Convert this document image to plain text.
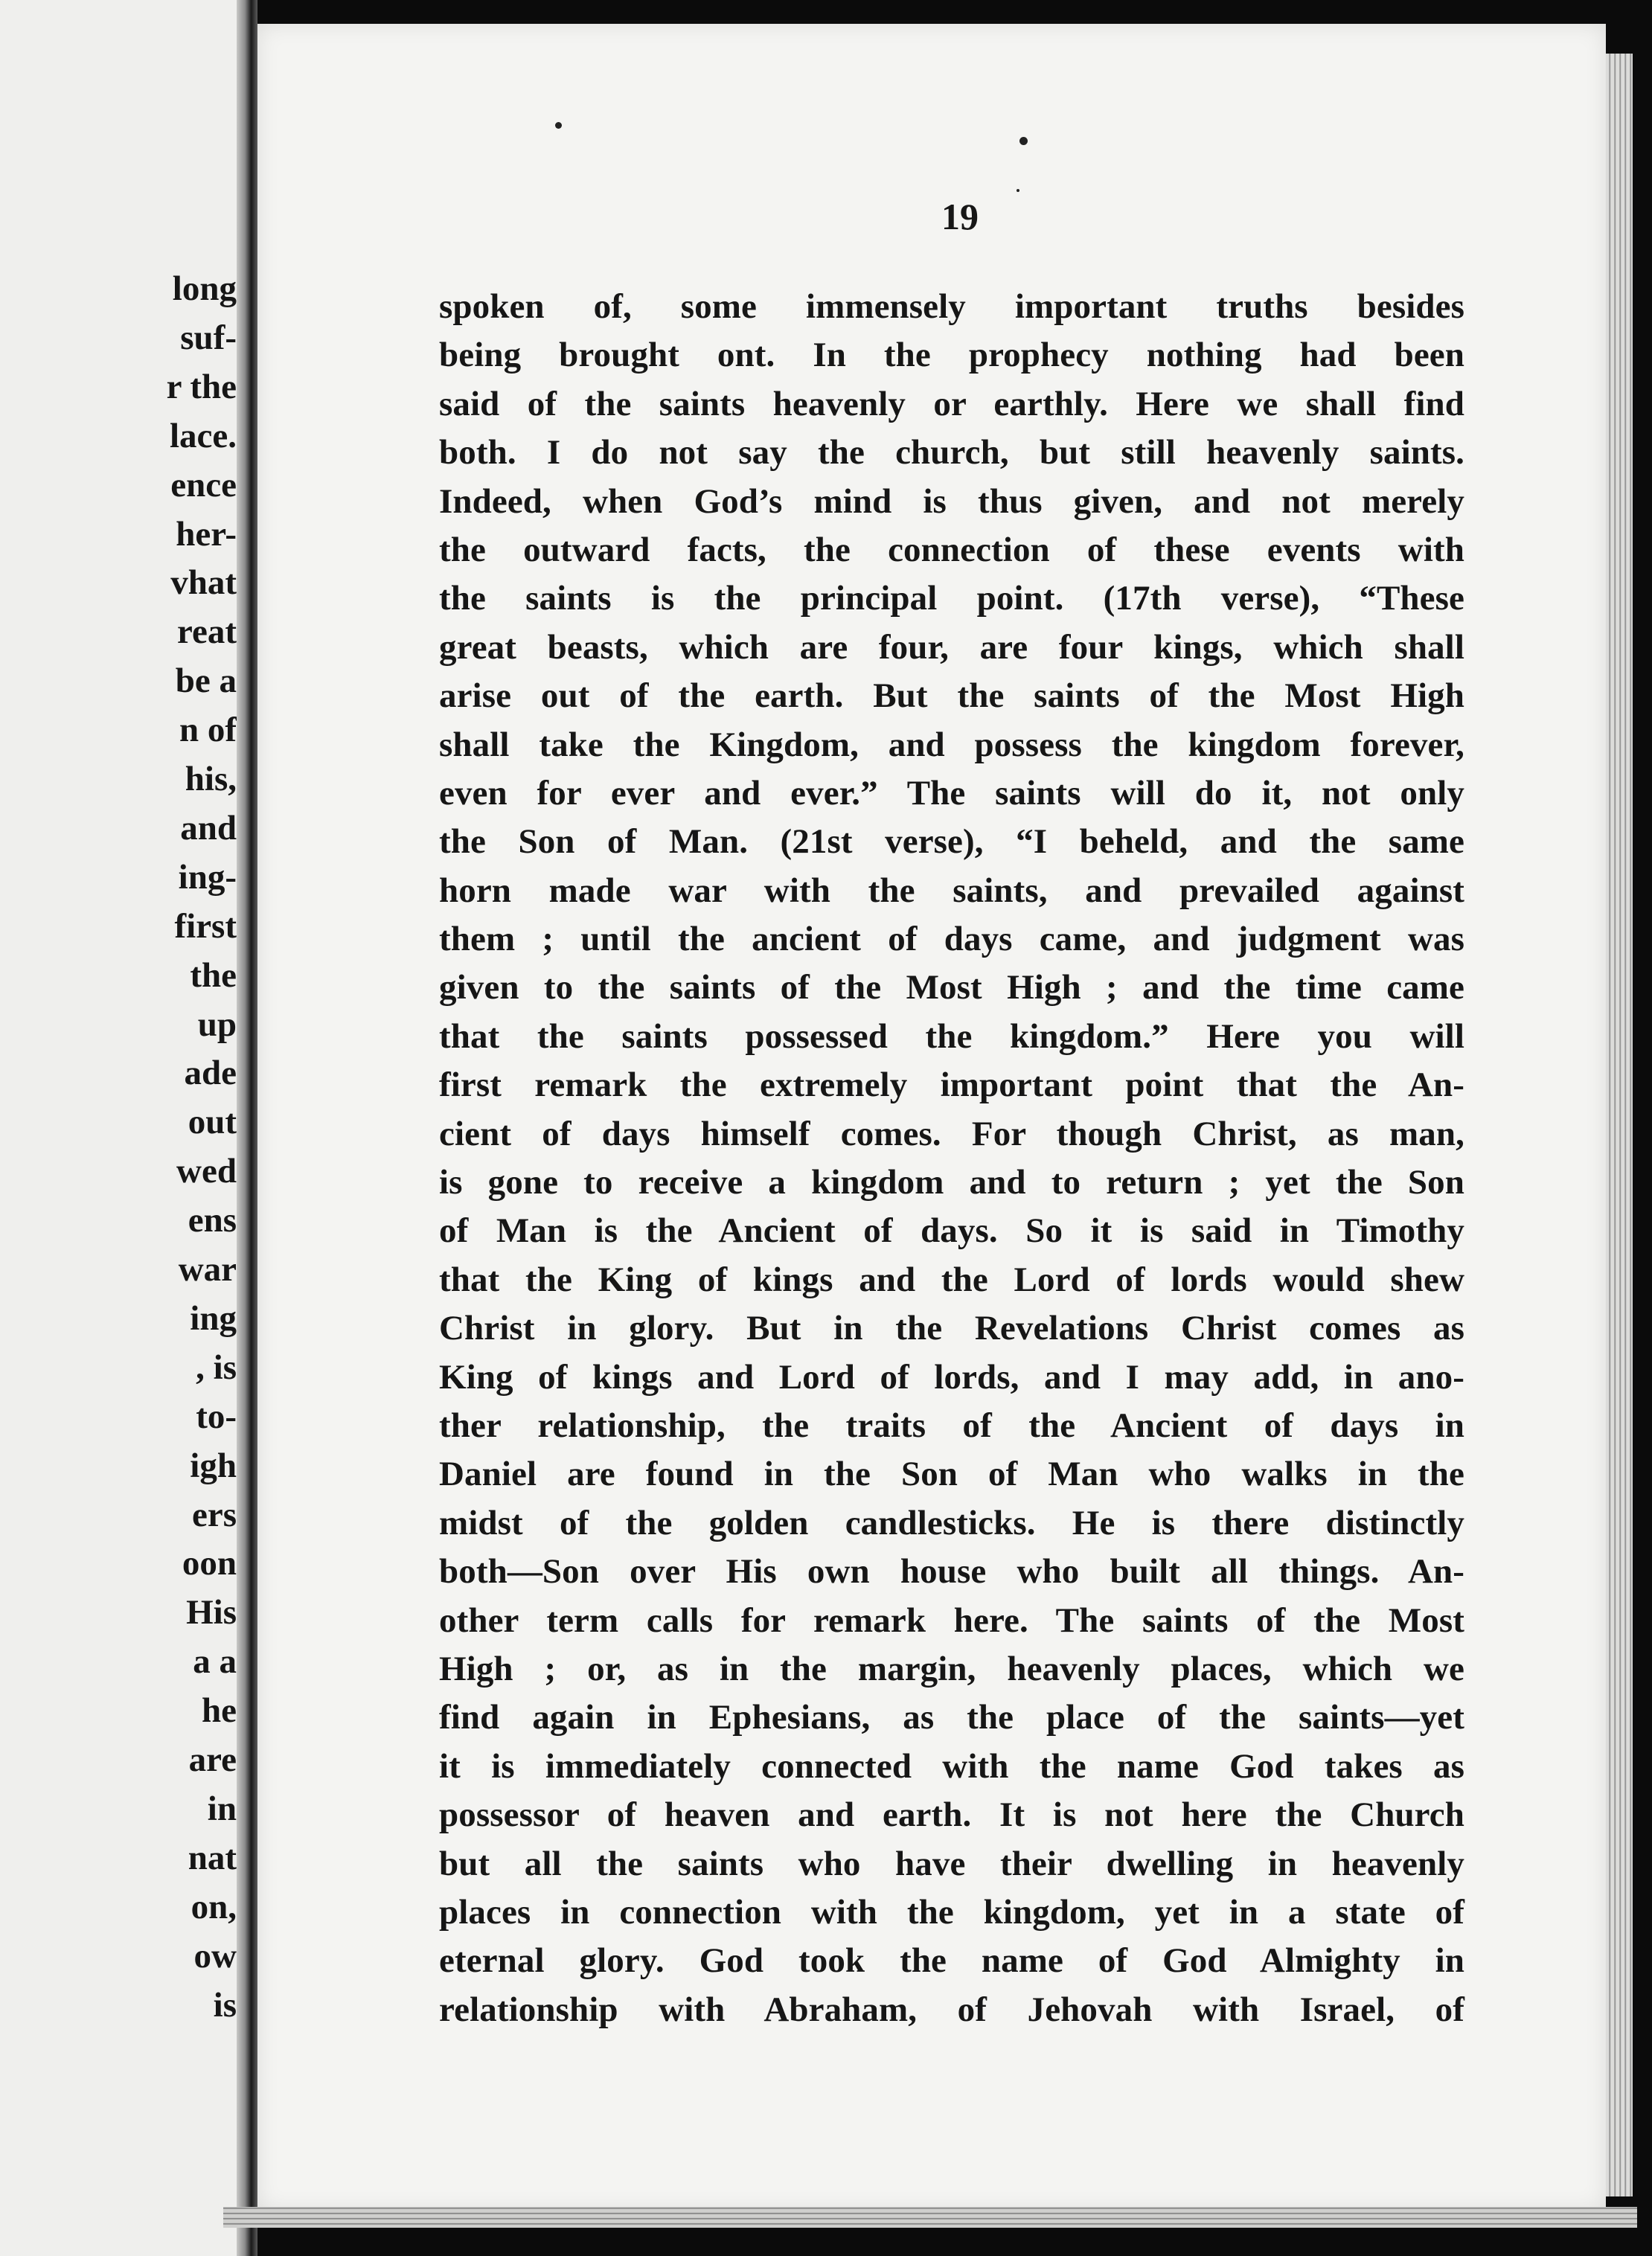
long
suf-
r the
lace.
ence
her-
vhat
reat
be a
n of
his,
and
ing-
first
the
up
ade
out
wed
ens
war
ing
, is
to-
igh
ers
oon
His
a a
he
are
in
nat
on,
ow
is
19
spoken of, some immensely important truths besides
being brought ont. In the prophecy nothing had been
said of the saints heavenly or earthly. Here we shall find
both. I do not say the church, but still heavenly saints.
Indeed, when God’s mind is thus given, and not merely
the outward facts, the connection of these events with
the saints is the principal point. (17th verse), “These
great beasts, which are four, are four kings, which shall
arise out of the earth. But the saints of the Most High
shall take the Kingdom, and possess the kingdom forever,
even for ever and ever.” The saints will do it, not only
the Son of Man. (21st verse), “I beheld, and the same
horn made war with the saints, and prevailed against
them ; until the ancient of days came, and judgment was
given to the saints of the Most High ; and the time came
that the saints possessed the kingdom.” Here you will
first remark the extremely important point that the An-
cient of days himself comes. For though Christ, as man,
is gone to receive a kingdom and to return ; yet the Son
of Man is the Ancient of days. So it is said in Timothy
that the King of kings and the Lord of lords would shew
Christ in glory. But in the Revelations Christ comes as
King of kings and Lord of lords, and I may add, in ano-
ther relationship, the traits of the Ancient of days in
Daniel are found in the Son of Man who walks in the
midst of the golden candlesticks. He is there distinctly
both—Son over His own house who built all things. An-
other term calls for remark here. The saints of the Most
High ; or, as in the margin, heavenly places, which we
find again in Ephesians, as the place of the saints—yet
it is immediately connected with the name God takes as
possessor of heaven and earth. It is not here the Church
but all the saints who have their dwelling in heavenly
places in connection with the kingdom, yet in a state of
eternal glory. God took the name of God Almighty in
relationship with Abraham, of Jehovah with Israel, of
